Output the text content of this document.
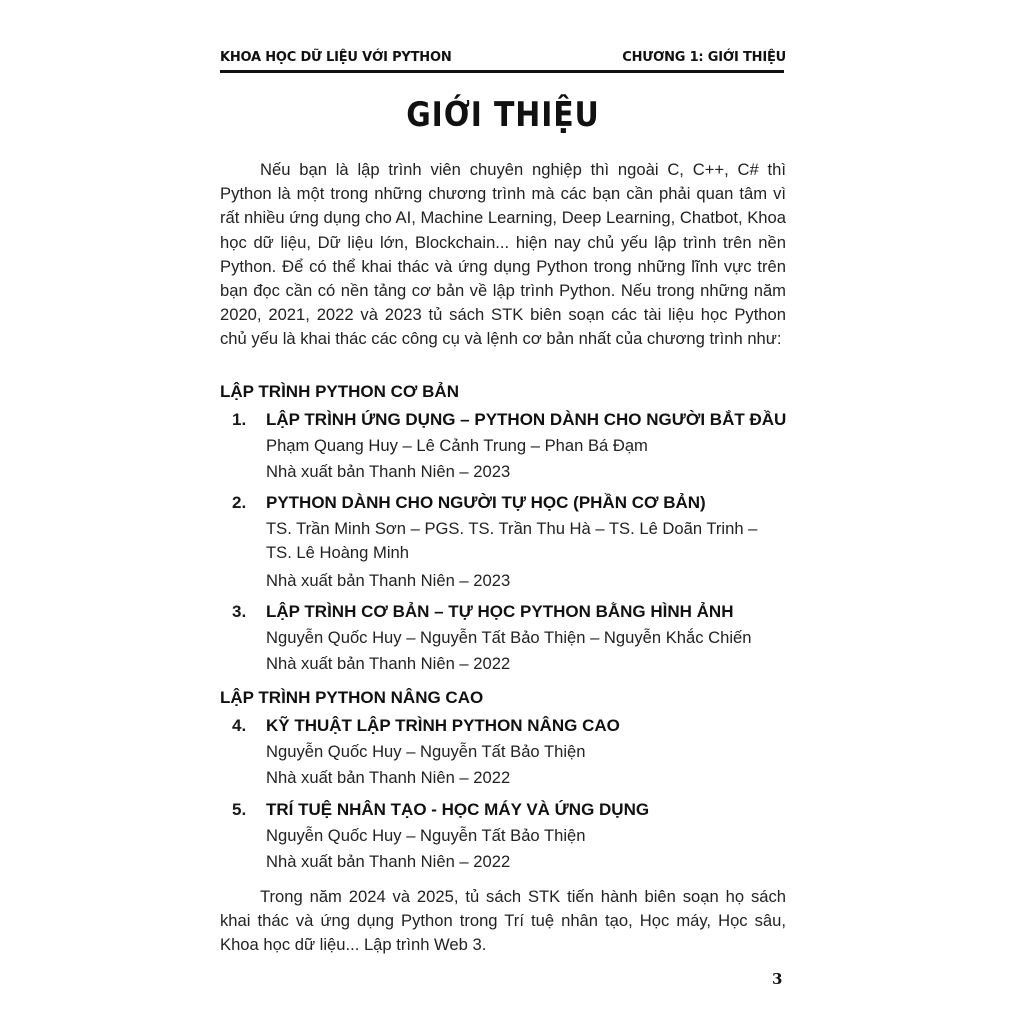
KHOA HỌC DỮ LIỆU VỚI PYTHON	CHƯƠNG 1: GIỚI THIỆU
GIỚI THIỆU

Nếu bạn là lập trình viên chuyên nghiệp thì ngoài C, C++, C# thì Python là một trong những chương trình mà các bạn cần phải quan tâm vì rất nhiều ứng dụng cho AI, Machine Learning, Deep Learning, Chatbot, Khoa học dữ liệu, Dữ liệu lớn, Blockchain... hiện nay chủ yếu lập trình trên nền Python. Để có thể khai thác và ứng dụng Python trong những lĩnh vực trên bạn đọc cần có nền tảng cơ bản về lập trình Python. Nếu trong những năm 2020, 2021, 2022 và 2023 tủ sách STK biên soạn các tài liệu học Python chủ yếu là khai thác các công cụ và lệnh cơ bản nhất của chương trình như:

LẬP TRÌNH PYTHON CƠ BẢN
1. LẬP TRÌNH ỨNG DỤNG – PYTHON DÀNH CHO NGƯỜI BẮT ĐẦU
Phạm Quang Huy – Lê Cảnh Trung – Phan Bá Đạm
Nhà xuất bản Thanh Niên – 2023
2. PYTHON DÀNH CHO NGƯỜI TỰ HỌC (PHẦN CƠ BẢN)
TS. Trần Minh Sơn – PGS. TS. Trần Thu Hà – TS. Lê Doãn Trinh – TS. Lê Hoàng Minh
Nhà xuất bản Thanh Niên – 2023
3. LẬP TRÌNH CƠ BẢN – TỰ HỌC PYTHON BẰNG HÌNH ẢNH
Nguyễn Quốc Huy – Nguyễn Tất Bảo Thiện – Nguyễn Khắc Chiến
Nhà xuất bản Thanh Niên – 2022
LẬP TRÌNH PYTHON NÂNG CAO
4. KỸ THUẬT LẬP TRÌNH PYTHON NÂNG CAO
Nguyễn Quốc Huy – Nguyễn Tất Bảo Thiện
Nhà xuất bản Thanh Niên – 2022
5. TRÍ TUỆ NHÂN TẠO - HỌC MÁY VÀ ỨNG DỤNG
Nguyễn Quốc Huy – Nguyễn Tất Bảo Thiện
Nhà xuất bản Thanh Niên – 2022

Trong năm 2024 và 2025, tủ sách STK tiến hành biên soạn họ sách khai thác và ứng dụng Python trong Trí tuệ nhân tạo, Học máy, Học sâu, Khoa học dữ liệu... Lập trình Web 3.

3
